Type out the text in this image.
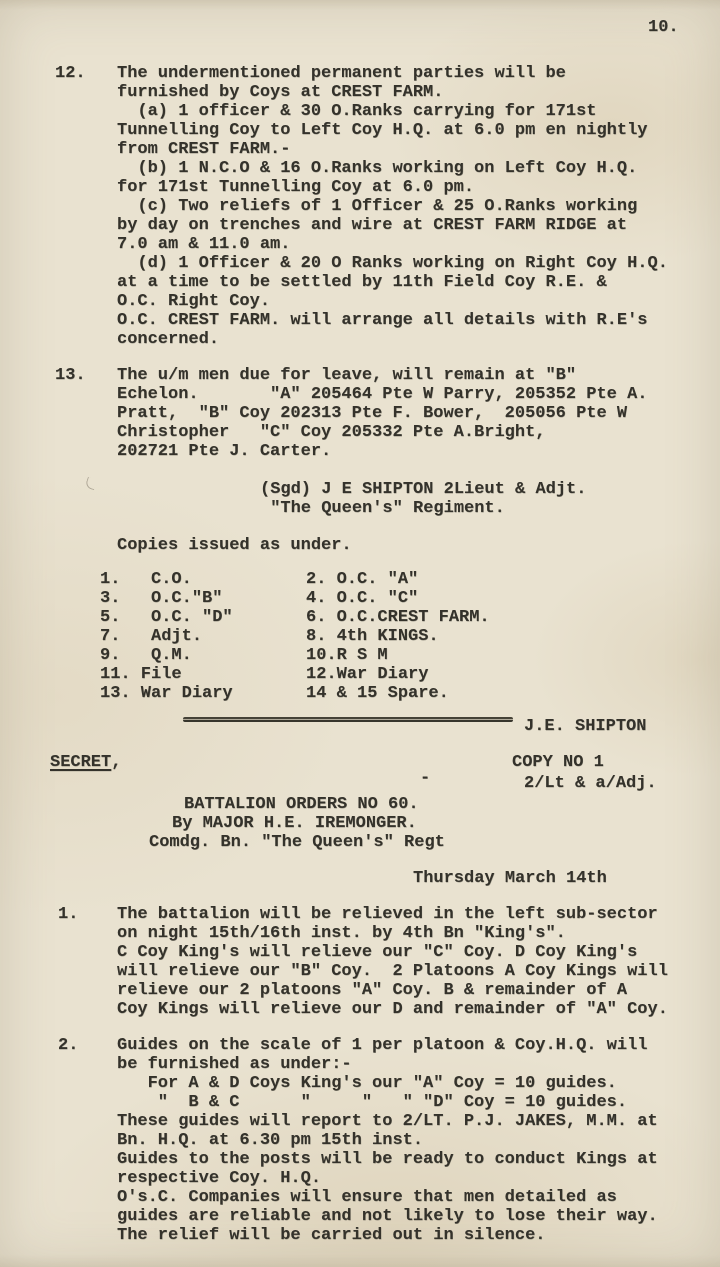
10.
12. The undermentioned permanent parties will be
furnished by Coys at CREST FARM.
(a) 1 officer & 30 O.Ranks carrying for 171st
Tunnelling Coy to Left Coy H.Q. at 6.0 pm en nightly
from CREST FARM.-
(b) 1 N.C.O & 16 O.Ranks working on Left Coy H.Q.
for 171st Tunnelling Coy at 6.0 pm.
(c) Two reliefs of 1 Officer & 25 O.Ranks working
by day on trenches and wire at CREST FARM RIDGE at
7.0 am & 11.0 am.
(d) 1 Officer & 20 O Ranks working on Right Coy H.Q.
at a time to be settled by 11th Field Coy R.E. &
O.C. Right Coy.
O.C. CREST FARM. will arrange all details with R.E's
concerned.
13. The u/m men due for leave, will remain at "B"
Echelon.       "A" 205464 Pte W Parry, 205352 Pte A.
Pratt,  "B" Coy 202313 Pte F. Bower,  205056 Pte W
Christopher   "C" Coy 205332 Pte A.Bright,
202721 Pte J. Carter.
(Sgd) J E SHIPTON 2Lieut & Adjt.
"The Queen's" Regiment.
Copies issued as under.
1.   C.O.
3.   O.C."B"
5.   O.C. "D"
7.   Adjt.
9.   Q.M.
11. File
13. War Diary
2. O.C. "A"
4. O.C. "C"
6. O.C.CREST FARM.
8. 4th KINGS.
10.R S M
12.War Diary
14 & 15 Spare.

J.E. SHIPTON

2/Lt & a/Adj.

SECRET,	COPY NO 1
-
BATTALION ORDERS NO 60.
By MAJOR H.E. IREMONGER.
Comdg. Bn. "The Queen's" Regt
Thursday March 14th
1. The battalion will be relieved in the left sub-sector
on night 15th/16th inst. by 4th Bn "King's".
C Coy King's will relieve our "C" Coy. D Coy King's
will relieve our "B" Coy.  2 Platoons A Coy Kings will
relieve our 2 platoons "A" Coy. B & remainder of A
Coy Kings will relieve our D and remainder of "A" Coy.
2. Guides on the scale of 1 per platoon & Coy.H.Q. will
be furnished as under:-
For A & D Coys King's our "A" Coy = 10 guides.
"  B & C      "     "   " "D" Coy = 10 guides.
These guides will report to 2/LT. P.J. JAKES, M.M. at
Bn. H.Q. at 6.30 pm 15th inst.
Guides to the posts will be ready to conduct Kings at
respective Coy. H.Q.
O's.C. Companies will ensure that men detailed as
guides are reliable and not likely to lose their way.
The relief will be carried out in silence.
